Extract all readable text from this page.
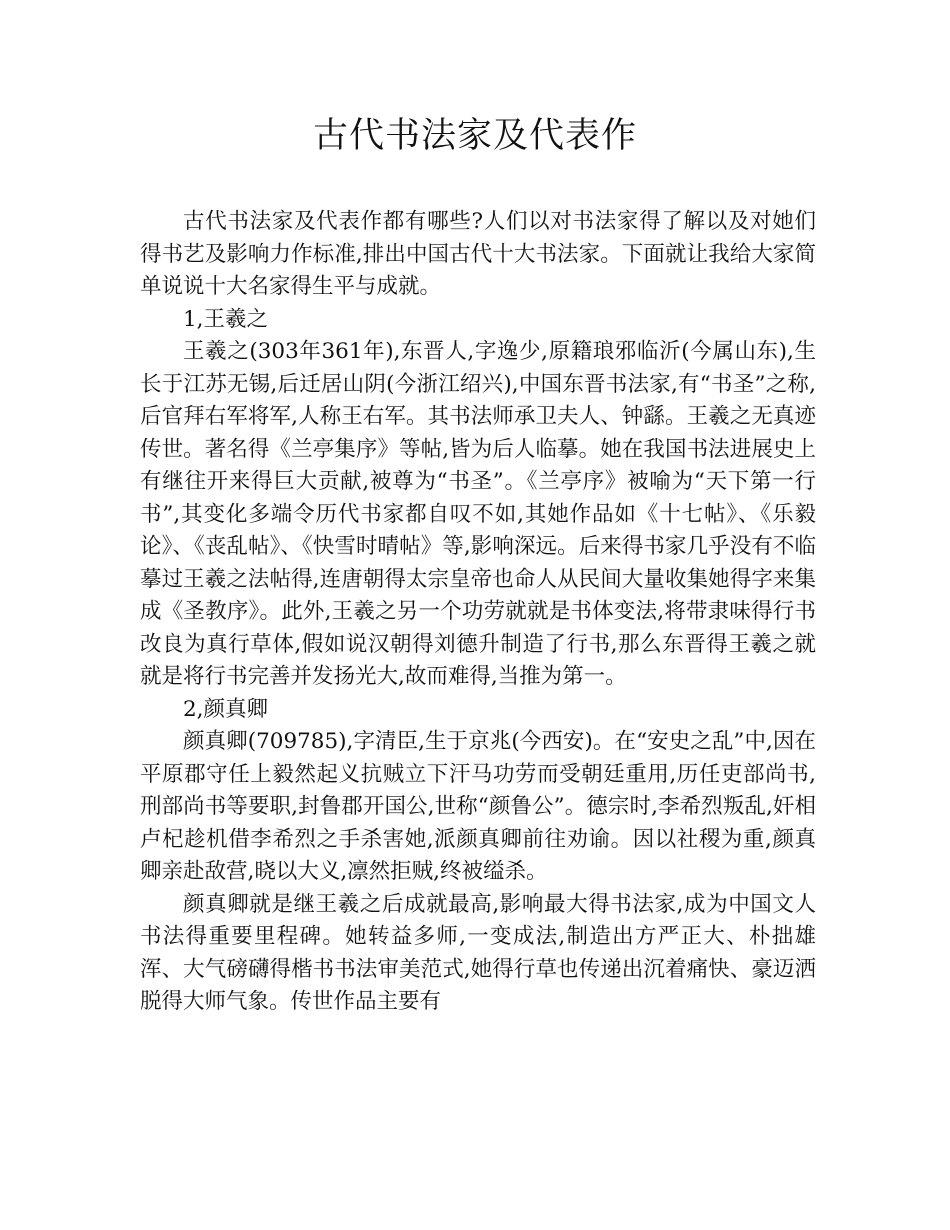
古代书法家及代表作

古代书法家及代表作都有哪些?人们以对书法家得了解以及对她们得书艺及影响力作标准,排出中国古代十大书法家。下面就让我给大家简单说说十大名家得生平与成就。

1,王羲之

王羲之(303年361年),东晋人,字逸少,原籍琅邪临沂(今属山东),生长于江苏无锡,后迁居山阴(今浙江绍兴),中国东晋书法家,有“书圣”之称,后官拜右军将军,人称王右军。其书法师承卫夫人、钟繇。王羲之无真迹传世。著名得《兰亭集序》等帖,皆为后人临摹。她在我国书法进展史上有继往开来得巨大贡献,被尊为“书圣”。《兰亭序》被喻为“天下第一行书”,其变化多端令历代书家都自叹不如,其她作品如《十七帖》、《乐毅论》、《丧乱帖》、《快雪时晴帖》等,影响深远。后来得书家几乎没有不临摹过王羲之法帖得,连唐朝得太宗皇帝也命人从民间大量收集她得字来集成《圣教序》。此外,王羲之另一个功劳就就是书体变法,将带隶味得行书改良为真行草体,假如说汉朝得刘德升制造了行书,那么东晋得王羲之就就是将行书完善并发扬光大,故而难得,当推为第一。

2,颜真卿

颜真卿(709785),字清臣,生于京兆(今西安)。在“安史之乱”中,因在平原郡守任上毅然起义抗贼立下汗马功劳而受朝廷重用,历任吏部尚书,刑部尚书等要职,封鲁郡开国公,世称“颜鲁公”。德宗时,李希烈叛乱,奸相卢杞趁机借李希烈之手杀害她,派颜真卿前往劝谕。因以社稷为重,颜真卿亲赴敌营,晓以大义,凛然拒贼,终被缢杀。

颜真卿就是继王羲之后成就最高,影响最大得书法家,成为中国文人书法得重要里程碑。她转益多师,一变成法,制造出方严正大、朴拙雄浑、大气磅礴得楷书书法审美范式,她得行草也传递出沉着痛快、豪迈洒脱得大师气象。传世作品主要有
